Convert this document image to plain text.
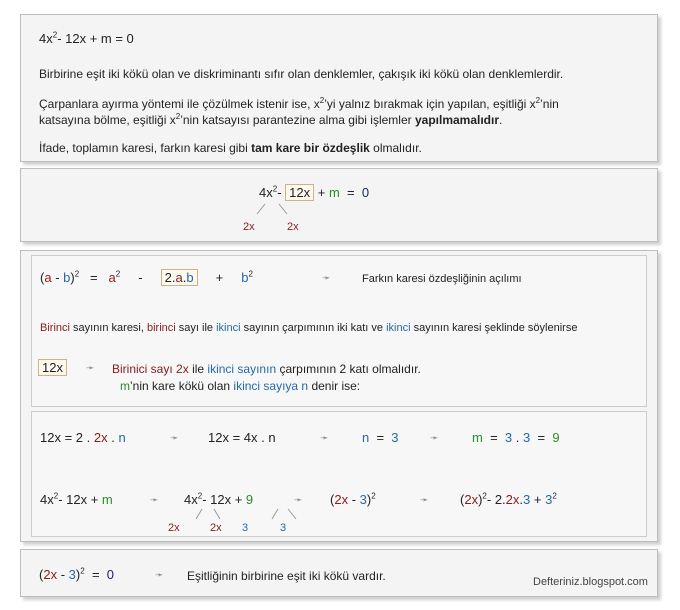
$4x^2-$ 12x + m = 0
Birbirine eşit iki kökü olan ve diskriminantı sıfır olan denklemler, çakışık iki kökü olan denklemlerdir.
Çarpanlara ayırma yöntemi ile çözülmek istenir ise, $x^2’yi$ yalnız bırakmak için yapılan, eşitliği $x^2’nin$
katsayına bölme, eşitliği $x^2’nin$ katsayısı parantezine alma gibi işlemler yapılmamalıdır.
İfade, toplamın karesi, farkın karesi gibi tam kare bir özdeşlik olmalıdır.
$4x^2-$ 12x + m = 0
2x	2x
$(a - b)^2 = a^2 - 2.a.b + b^2$	➛	Farkın karesi özdeşliğinin açılımı
Birinci sayının karesi, birinci sayı ile ikinci sayının çarpımının iki katı ve ikinci sayının karesi şeklinde söylenirse
12x	➛ Birinici sayı 2x ile ikinci sayının çarpımının 2 katı olmalıdır.
m’nin kare kökü olan ikinci sayıya n denir ise:
12x = 2 . 2x . n	➛ 12x = 4x . n	➛	n = 3	➛	m = 3 . 3 = 9
$4x^2-$ 12x + m	➛ $4x^2-$ 12x + 9
2x	2x 3	3
➛ (2x - 3)$^2$	➛ $(2x)^2-$ $2.2x.3 + 3^2$
(2x - 3)$^2$ = 0	➛ Eşitliğinin birbirine eşit iki kökü vardır.	Defteriniz.blogspot.com
